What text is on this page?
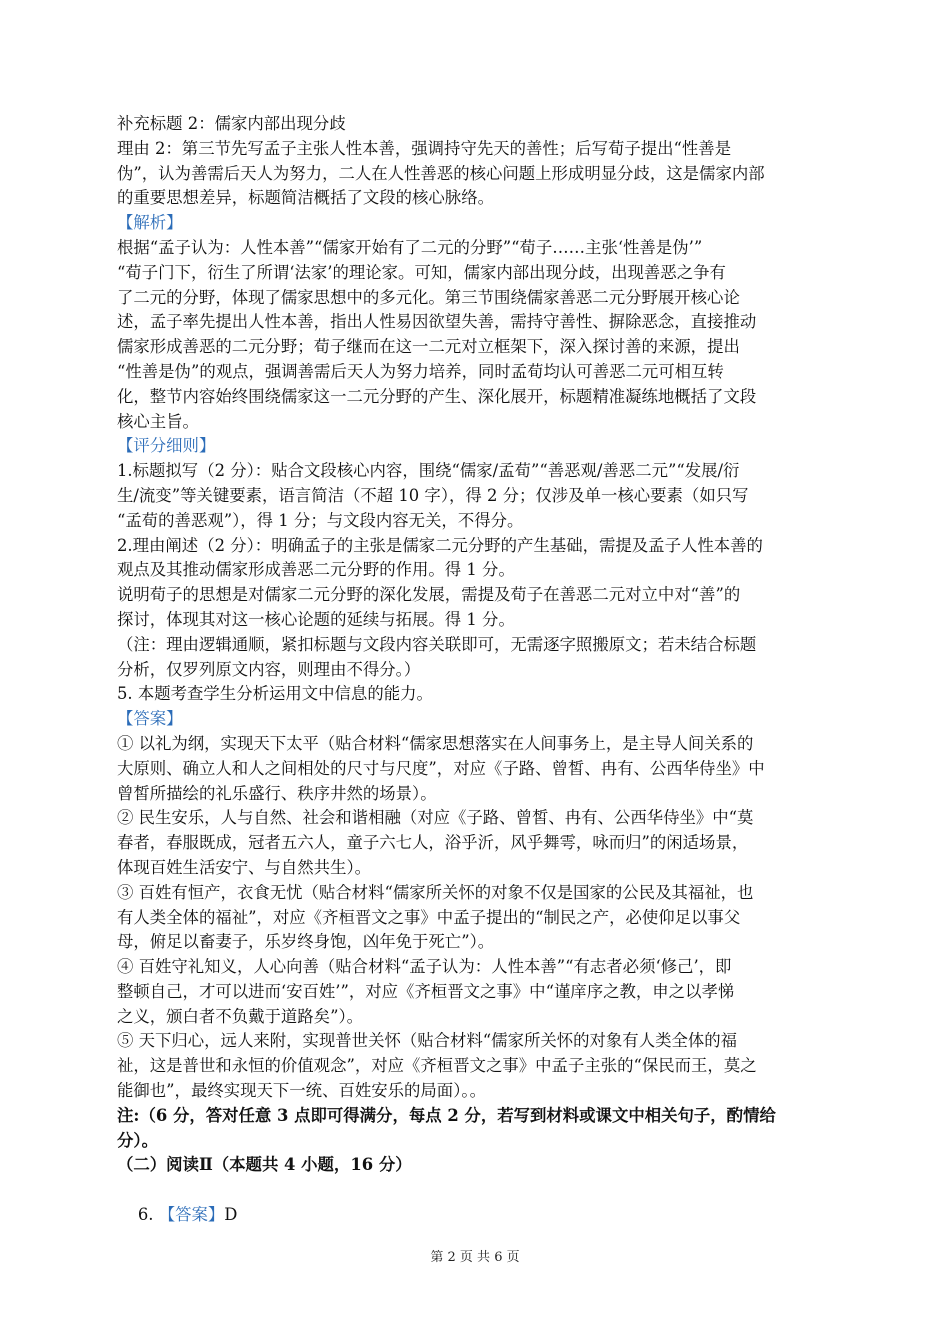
补充标题 2：儒家内部出现分歧
理由 2：第三节先写孟子主张人性本善，强调持守先天的善性；后写荀子提出“性善是
伪”，认为善需后天人为努力，二人在人性善恶的核心问题上形成明显分歧，这是儒家内部
的重要思想差异，标题简洁概括了文段的核心脉络。
【解析】
根据“孟子认为：人性本善”“儒家开始有了二元的分野”“荀子……主张‘性善是伪’”
“荀子门下，衍生了所谓‘法家’的理论家。可知，儒家内部出现分歧，出现善恶之争有
了二元的分野，体现了儒家思想中的多元化。第三节围绕儒家善恶二元分野展开核心论
述，孟子率先提出人性本善，指出人性易因欲望失善，需持守善性、摒除恶念，直接推动
儒家形成善恶的二元分野；荀子继而在这一二元对立框架下，深入探讨善的来源，提出
“性善是伪”的观点，强调善需后天人为努力培养，同时孟荀均认可善恶二元可相互转
化，整节内容始终围绕儒家这一二元分野的产生、深化展开，标题精准凝练地概括了文段
核心主旨。
【评分细则】
1.标题拟写（2 分）：贴合文段核心内容，围绕“儒家/孟荀”“善恶观/善恶二元”“发展/衍
生/流变”等关键要素，语言简洁（不超 10 字），得 2 分；仅涉及单一核心要素（如只写
“孟荀的善恶观”），得 1 分；与文段内容无关，不得分。
2.理由阐述（2 分）：明确孟子的主张是儒家二元分野的产生基础，需提及孟子人性本善的
观点及其推动儒家形成善恶二元分野的作用。得 1 分。
说明荀子的思想是对儒家二元分野的深化发展，需提及荀子在善恶二元对立中对“善”的
探讨，体现其对这一核心论题的延续与拓展。得 1 分。
（注：理由逻辑通顺，紧扣标题与文段内容关联即可，无需逐字照搬原文；若未结合标题
分析，仅罗列原文内容，则理由不得分。）
5. 本题考查学生分析运用文中信息的能力。
【答案】
① 以礼为纲，实现天下太平（贴合材料“儒家思想落实在人间事务上，是主导人间关系的
大原则、确立人和人之间相处的尺寸与尺度”，对应《子路、曾皙、冉有、公西华侍坐》中
曾皙所描绘的礼乐盛行、秩序井然的场景）。
② 民生安乐，人与自然、社会和谐相融（对应《子路、曾皙、冉有、公西华侍坐》中“莫
春者，春服既成，冠者五六人，童子六七人，浴乎沂，风乎舞雩，咏而归”的闲适场景，
体现百姓生活安宁、与自然共生）。
③ 百姓有恒产，衣食无忧（贴合材料“儒家所关怀的对象不仅是国家的公民及其福祉，也
有人类全体的福祉”，对应《齐桓晋文之事》中孟子提出的“制民之产，必使仰足以事父
母，俯足以畜妻子，乐岁终身饱，凶年免于死亡”）。
④ 百姓守礼知义，人心向善（贴合材料“孟子认为：人性本善”“有志者必须‘修己’，即
整顿自己，才可以进而‘安百姓’”，对应《齐桓晋文之事》中“谨庠序之教，申之以孝悌
之义，颁白者不负戴于道路矣”）。
⑤ 天下归心，远人来附，实现普世关怀（贴合材料“儒家所关怀的对象有人类全体的福
祉，这是普世和永恒的价值观念”，对应《齐桓晋文之事》中孟子主张的“保民而王，莫之
能御也”，最终实现天下一统、百姓安乐的局面）。。
注:（6 分，答对任意 3 点即可得满分，每点 2 分，若写到材料或课文中相关句子，酌情给
分）。
（二）阅读Ⅱ（本题共 4 小题，16 分）

6. 【答案】D

第 2 页 共 6 页
